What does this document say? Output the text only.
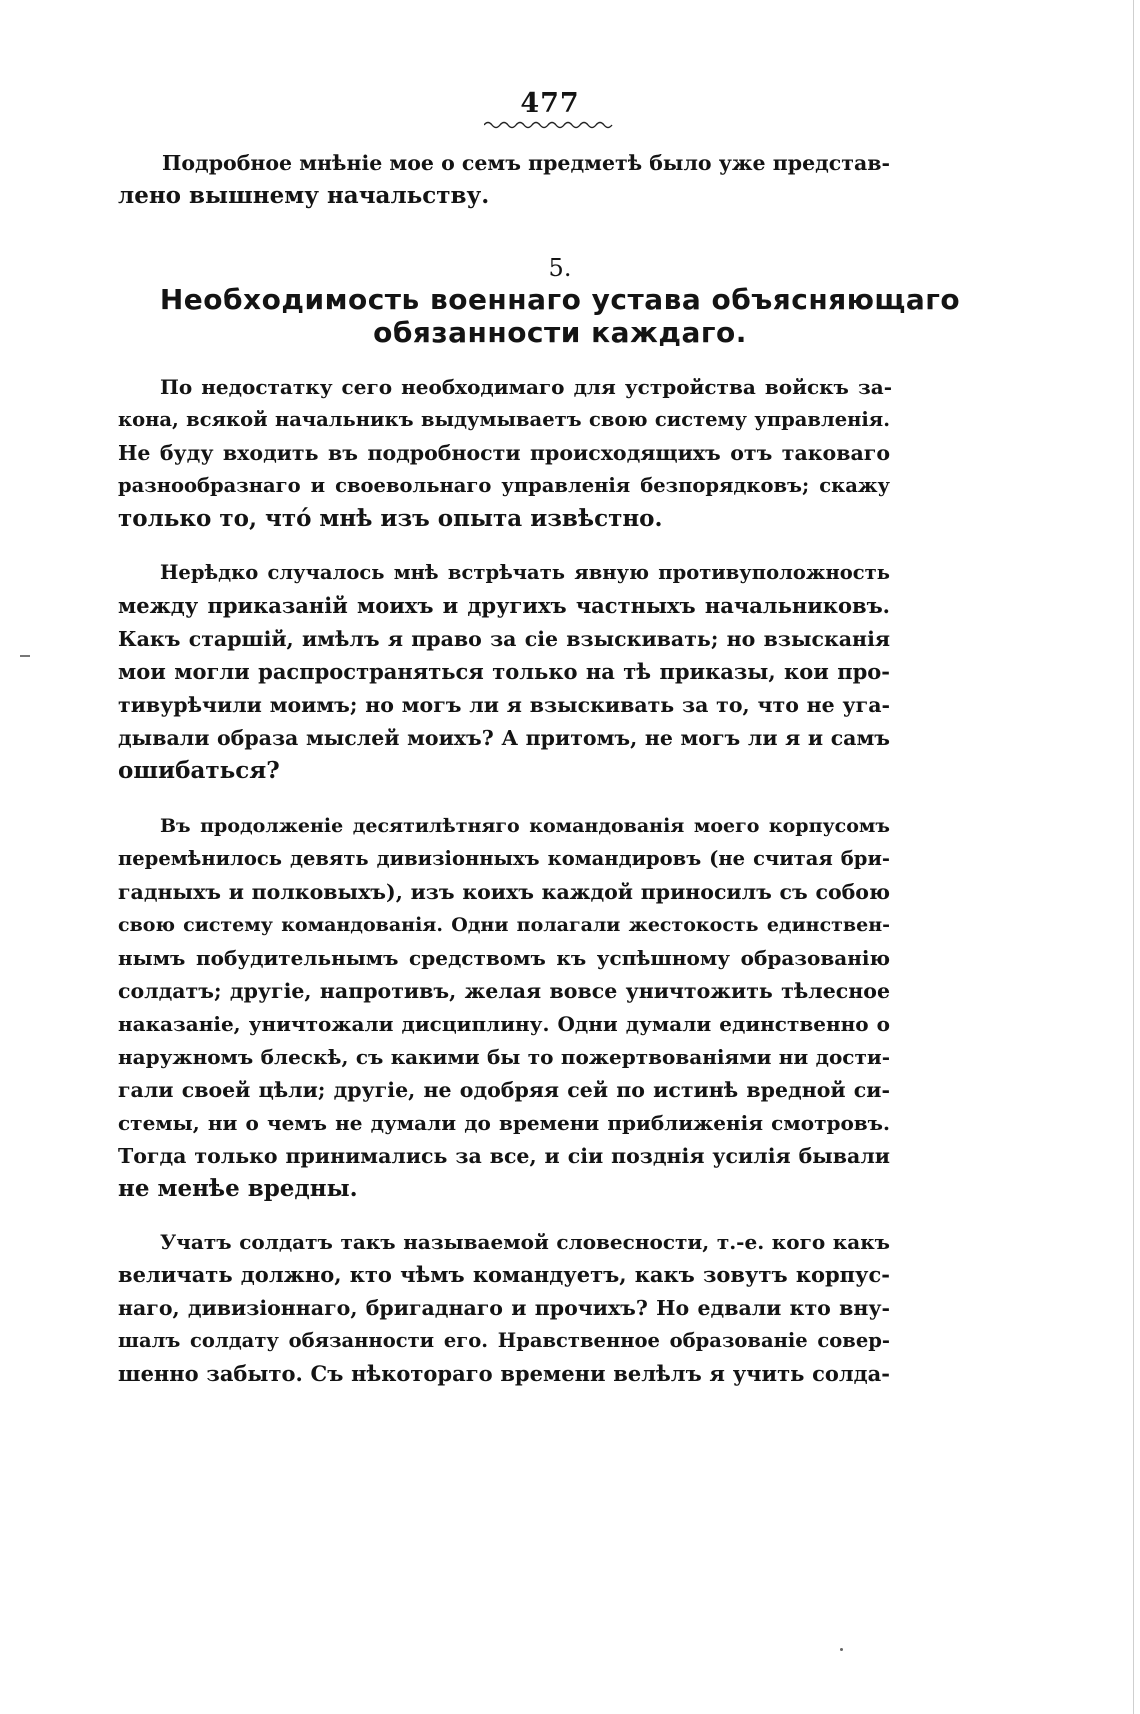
477
Подробное мнѣніе мое о семъ предметѣ было уже представ-
лено вышнему начальству.
5.
Необходимость военнаго устава объясняющаго
обязанности каждаго.
По недостатку сего необходимаго для устройства войскъ за-
кона, всякой начальникъ выдумываетъ свою систему управленія.
Не буду входить въ подробности происходящихъ отъ таковаго
разнообразнаго и своевольнаго управленія безпорядковъ; скажу
только то, чтó мнѣ изъ опыта извѣстно.
Нерѣдко случалось мнѣ встрѣчать явную противуположность
между приказаній моихъ и другихъ частныхъ начальниковъ.
Какъ старшій, имѣлъ я право за сіе взыскивать; но взысканія
мои могли распространяться только на тѣ приказы, кои про-
тивурѣчили моимъ; но могъ ли я взыскивать за то, что не уга-
дывали образа мыслей моихъ? А притомъ, не могъ ли я и самъ
ошибаться?
Въ продолженіе десятилѣтняго командованія моего корпусомъ
перемѣнилось девять дивизіонныхъ командировъ (не считая бри-
гадныхъ и полковыхъ), изъ коихъ каждой приносилъ съ собою
свою систему командованія. Одни полагали жестокость единствен-
нымъ побудительнымъ средствомъ къ успѣшному образованію
солдатъ; другіе, напротивъ, желая вовсе уничтожить тѣлесное
наказаніе, уничтожали дисциплину. Одни думали единственно о
наружномъ блескѣ, съ какими бы то пожертвованіями ни дости-
гали своей цѣли; другіе, не одобряя сей по истинѣ вредной си-
стемы, ни о чемъ не думали до времени приближенія смотровъ.
Тогда только принимались за все, и сіи позднія усилія бывали
не менѣе вредны.
Учатъ солдатъ такъ называемой словесности, т.-е. кого какъ
величать должно, кто чѣмъ командуетъ, какъ зовутъ корпус-
наго, дивизіоннаго, бригаднаго и прочихъ? Но едвали кто вну-
шалъ солдату обязанности его. Нравственное образованіе совер-
шенно забыто. Съ нѣкотораго времени велѣлъ я учить солда-
